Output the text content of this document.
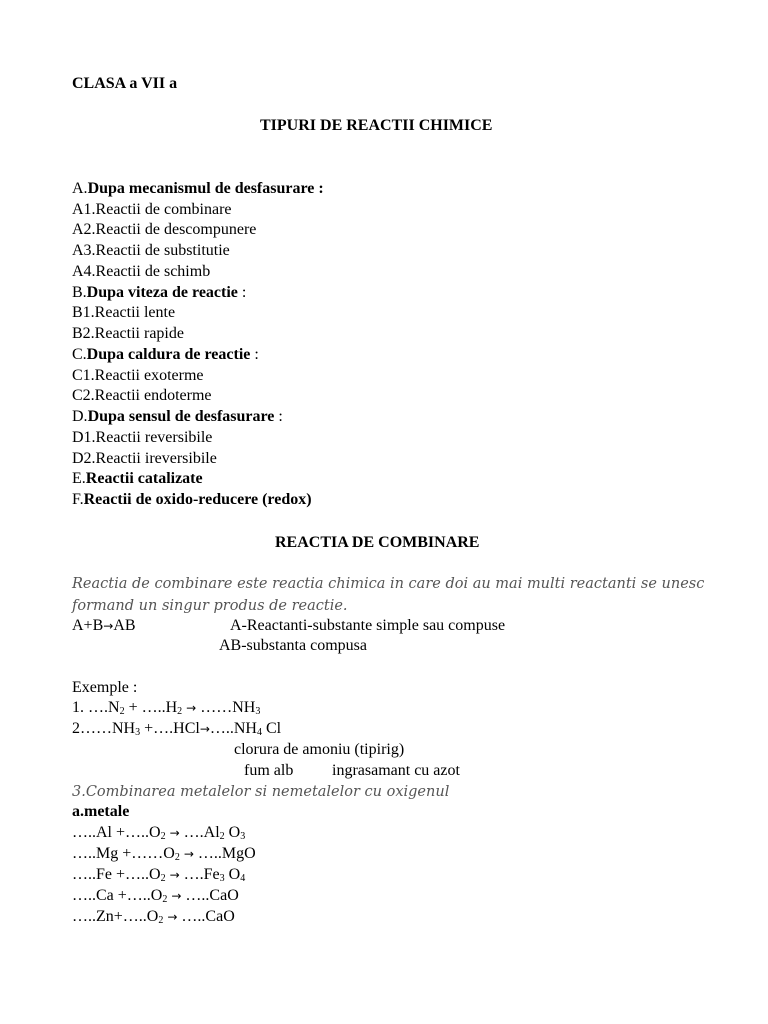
CLASA a VII a
TIPURI DE REACTII CHIMICE
A.Dupa mecanismul de desfasurare :
A1.Reactii de combinare
A2.Reactii de descompunere
A3.Reactii de substitutie
A4.Reactii de schimb
B.Dupa viteza de reactie :
B1.Reactii lente
B2.Reactii rapide
C.Dupa caldura de reactie :
C1.Reactii exoterme
C2.Reactii endoterme
D.Dupa sensul de desfasurare :
D1.Reactii reversibile
D2.Reactii ireversibile
E.Reactii catalizate
F.Reactii de oxido-reducere (redox)
REACTIA DE COMBINARE
Reactia de combinare este reactia chimica in care doi au mai multi reactanti se unesc
formand un singur produs de reactie.
A+B→AB	A-Reactanti-substante simple sau compuse
AB-substanta compusa
Exemple :
1. $\dots.N_2$ + $\dots..H_2$ → $\dots\dots NH_3$
$2\dots\dots NH_3$ $+\dots.HCl\to\dots..NH_4$ Cl
clorura de amoniu (tipirig)
fum alb ingrasamant cu azot
3.Combinarea metalelor si nemetalelor cu oxigenul
a.metale
…..Al $+\dots..O_2$ → $\dots.Al_2$ $O_3$
…..Mg $+\dots\dots O_2$ → …..MgO
…..Fe $+\dots..O_2$ → $\dots.Fe_3$ $O_4$
…..Ca $+\dots..O_2$ → …..CaO
$\dots..Zn+\dots..O_2$ → …..CaO
